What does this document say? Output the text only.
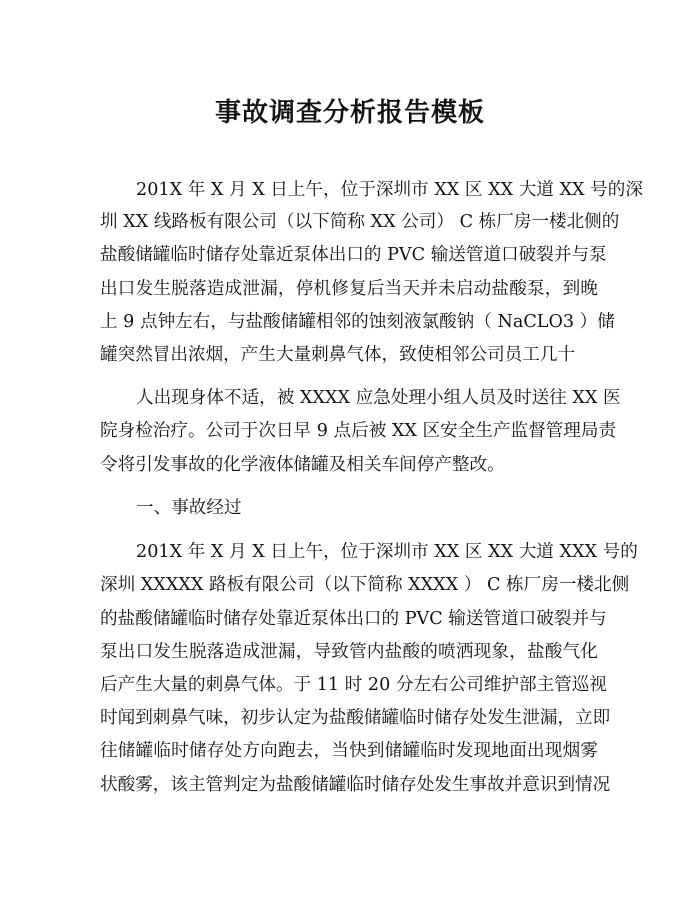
事故调查分析报告模板
201X 年 X 月 X 日上午，位于深圳市 XX 区 XX 大道 XX 号的深
圳 XX 线路板有限公司（以下简称 XX 公司） C 栋厂房一楼北侧的
盐酸储罐临时储存处靠近泵体出口的 PVC 输送管道口破裂并与泵
出口发生脱落造成泄漏，停机修复后当天并未启动盐酸泵，到晚
上 9 点钟左右，与盐酸储罐相邻的蚀刻液氯酸钠（ NaCLO3 ）储
罐突然冒出浓烟，产生大量刺鼻气体，致使相邻公司员工几十
人出现身体不适，被 XXXX 应急处理小组人员及时送往 XX 医
院身检治疗。公司于次日早 9 点后被 XX 区安全生产监督管理局责
令将引发事故的化学液体储罐及相关车间停产整改。
一、事故经过
201X 年 X 月 X 日上午，位于深圳市 XX 区 XX 大道 XXX 号的
深圳 XXXXX 路板有限公司（以下简称 XXXX ） C 栋厂房一楼北侧
的盐酸储罐临时储存处靠近泵体出口的 PVC 输送管道口破裂并与
泵出口发生脱落造成泄漏，导致管内盐酸的喷洒现象，盐酸气化
后产生大量的刺鼻气体。于 11 时 20 分左右公司维护部主管巡视
时闻到刺鼻气味，初步认定为盐酸储罐临时储存处发生泄漏，立即
往储罐临时储存处方向跑去，当快到储罐临时发现地面出现烟雾
状酸雾，该主管判定为盐酸储罐临时储存处发生事故并意识到情况
